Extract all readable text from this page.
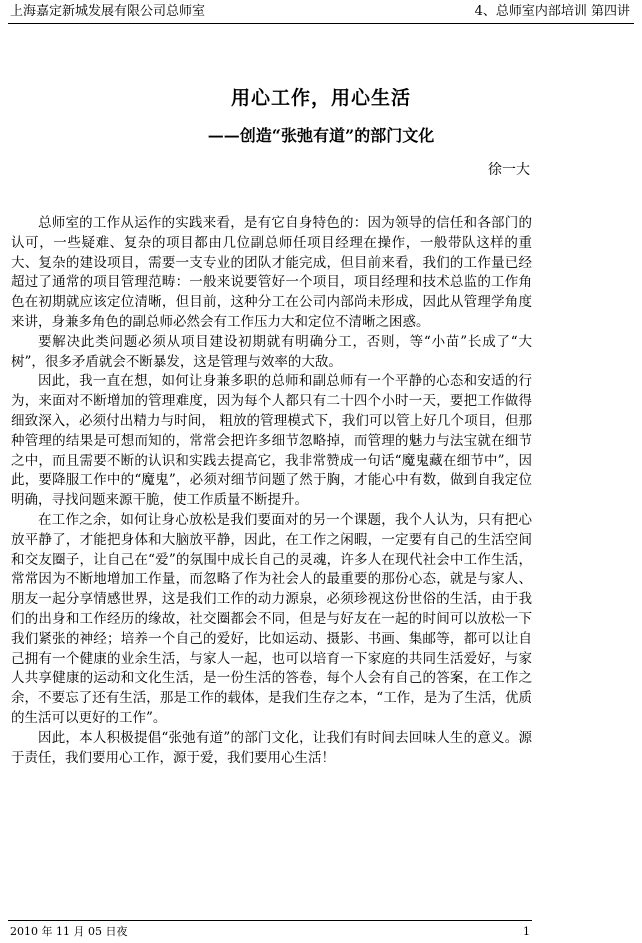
上海嘉定新城发展有限公司总师室	4、总师室内部培训 第四讲
用心工作，用心生活
——创造“张弛有道”的部门文化
徐一大

总师室的工作从运作的实践来看，是有它自身特色的：因为领导的信任和各部门的认可，一些疑难、复杂的项目都由几位副总师任项目经理在操作，一般带队这样的重大、复杂的建设项目，需要一支专业的团队才能完成，但目前来看，我们的工作量已经超过了通常的项目管理范畴：一般来说要管好一个项目，项目经理和技术总监的工作角色在初期就应该定位清晰，但目前，这种分工在公司内部尚未形成，因此从管理学角度来讲，身兼多角色的副总师必然会有工作压力大和定位不清晰之困惑。

要解决此类问题必须从项目建设初期就有明确分工，否则，等“小苗”长成了“大树”，很多矛盾就会不断暴发，这是管理与效率的大敌。

因此，我一直在想，如何让身兼多职的总师和副总师有一个平静的心态和安适的行为，来面对不断增加的管理难度，因为每个人都只有二十四个小时一天，要把工作做得细致深入，必须付出精力与时间， 粗放的管理模式下，我们可以管上好几个项目，但那种管理的结果是可想而知的，常常会把许多细节忽略掉，而管理的魅力与法宝就在细节之中，而且需要不断的认识和实践去提高它，我非常赞成一句话“魔鬼藏在细节中”，因此，要降服工作中的“魔鬼”，必须对细节问题了然于胸，才能心中有数，做到自我定位明确，寻找问题来源干脆，使工作质量不断提升。

在工作之余，如何让身心放松是我们要面对的另一个课题，我个人认为，只有把心放平静了，才能把身体和大脑放平静，因此，在工作之闲暇，一定要有自己的生活空间和交友圈子，让自己在“爱”的氛围中成长自己的灵魂，许多人在现代社会中工作生活，常常因为不断地增加工作量，而忽略了作为社会人的最重要的那份心态，就是与家人、朋友一起分享情感世界，这是我们工作的动力源泉，必须珍视这份世俗的生活，由于我们的出身和工作经历的缘故，社交圈都会不同，但是与好友在一起的时间可以放松一下我们紧张的神经；培养一个自己的爱好，比如运动、摄影、书画、集邮等，都可以让自己拥有一个健康的业余生活，与家人一起，也可以培育一下家庭的共同生活爱好，与家人共享健康的运动和文化生活，是一份生活的答卷，每个人会有自己的答案，在工作之余，不要忘了还有生活，那是工作的载体，是我们生存之本，“工作，是为了生活，优质的生活可以更好的工作”。

因此，本人积极提倡“张弛有道”的部门文化，让我们有时间去回味人生的意义。源于责任，我们要用心工作，源于爱，我们要用心生活！

2010 年 11 月 05 日夜	1
